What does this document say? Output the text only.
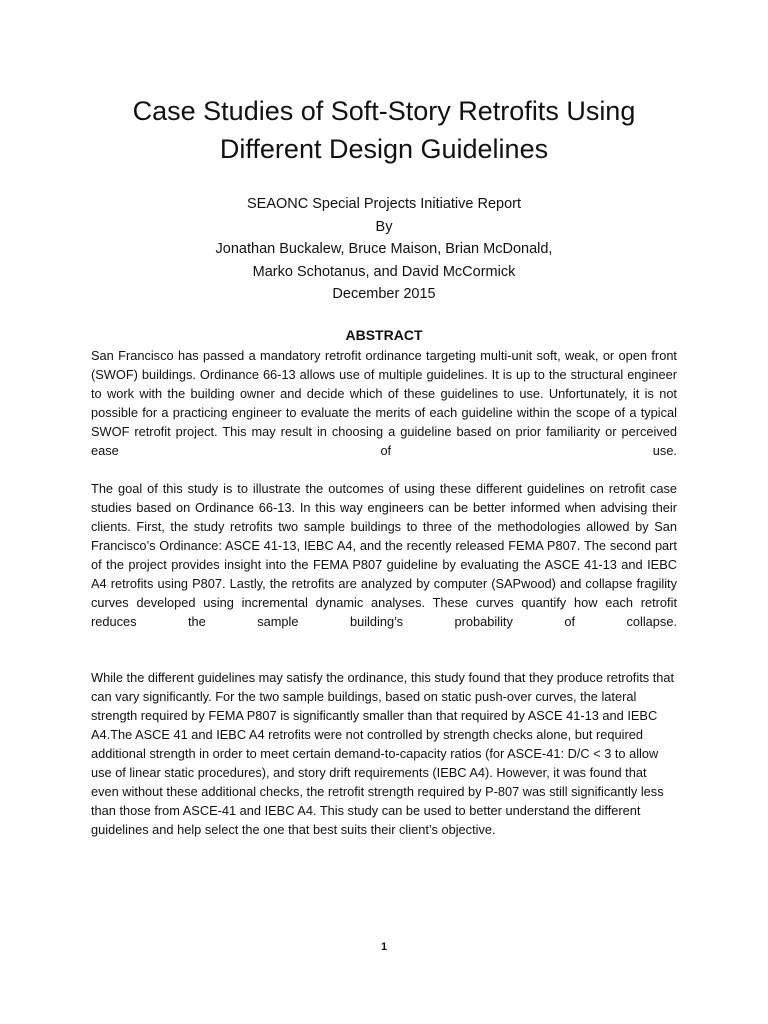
Case Studies of Soft-Story Retrofits Using
Different Design Guidelines
SEAONC Special Projects Initiative Report
By
Jonathan Buckalew, Bruce Maison, Brian McDonald,
Marko Schotanus, and David McCormick
December 2015
ABSTRACT
San Francisco has passed a mandatory retrofit ordinance targeting multi-unit soft, weak, or open front (SWOF) buildings. Ordinance 66-13 allows use of multiple guidelines. It is up to the structural engineer to work with the building owner and decide which of these guidelines to use. Unfortunately, it is not possible for a practicing engineer to evaluate the merits of each guideline within the scope of a typical SWOF retrofit project. This may result in choosing a guideline based on prior familiarity or perceived ease of use.
The goal of this study is to illustrate the outcomes of using these different guidelines on retrofit case studies based on Ordinance 66-13. In this way engineers can be better informed when advising their clients. First, the study retrofits two sample buildings to three of the methodologies allowed by San Francisco’s Ordinance: ASCE 41-13, IEBC A4, and the recently released FEMA P807. The second part of the project provides insight into the FEMA P807 guideline by evaluating the ASCE 41-13 and IEBC A4 retrofits using P807. Lastly, the retrofits are analyzed by computer (SAPwood) and collapse fragility curves developed using incremental dynamic analyses. These curves quantify how each retrofit reduces the sample building’s probability of collapse.
While the different guidelines may satisfy the ordinance, this study found that they produce retrofits that can vary significantly. For the two sample buildings, based on static push-over curves, the lateral strength required by FEMA P807 is significantly smaller than that required by ASCE 41-13 and IEBC A4.The ASCE 41 and IEBC A4 retrofits were not controlled by strength checks alone, but required additional strength in order to meet certain demand-to-capacity ratios (for ASCE-41: D/C < 3 to allow use of linear static procedures), and story drift requirements (IEBC A4). However, it was found that even without these additional checks, the retrofit strength required by P-807 was still significantly less than those from ASCE-41 and IEBC A4. This study can be used to better understand the different guidelines and help select the one that best suits their client’s objective.
1
